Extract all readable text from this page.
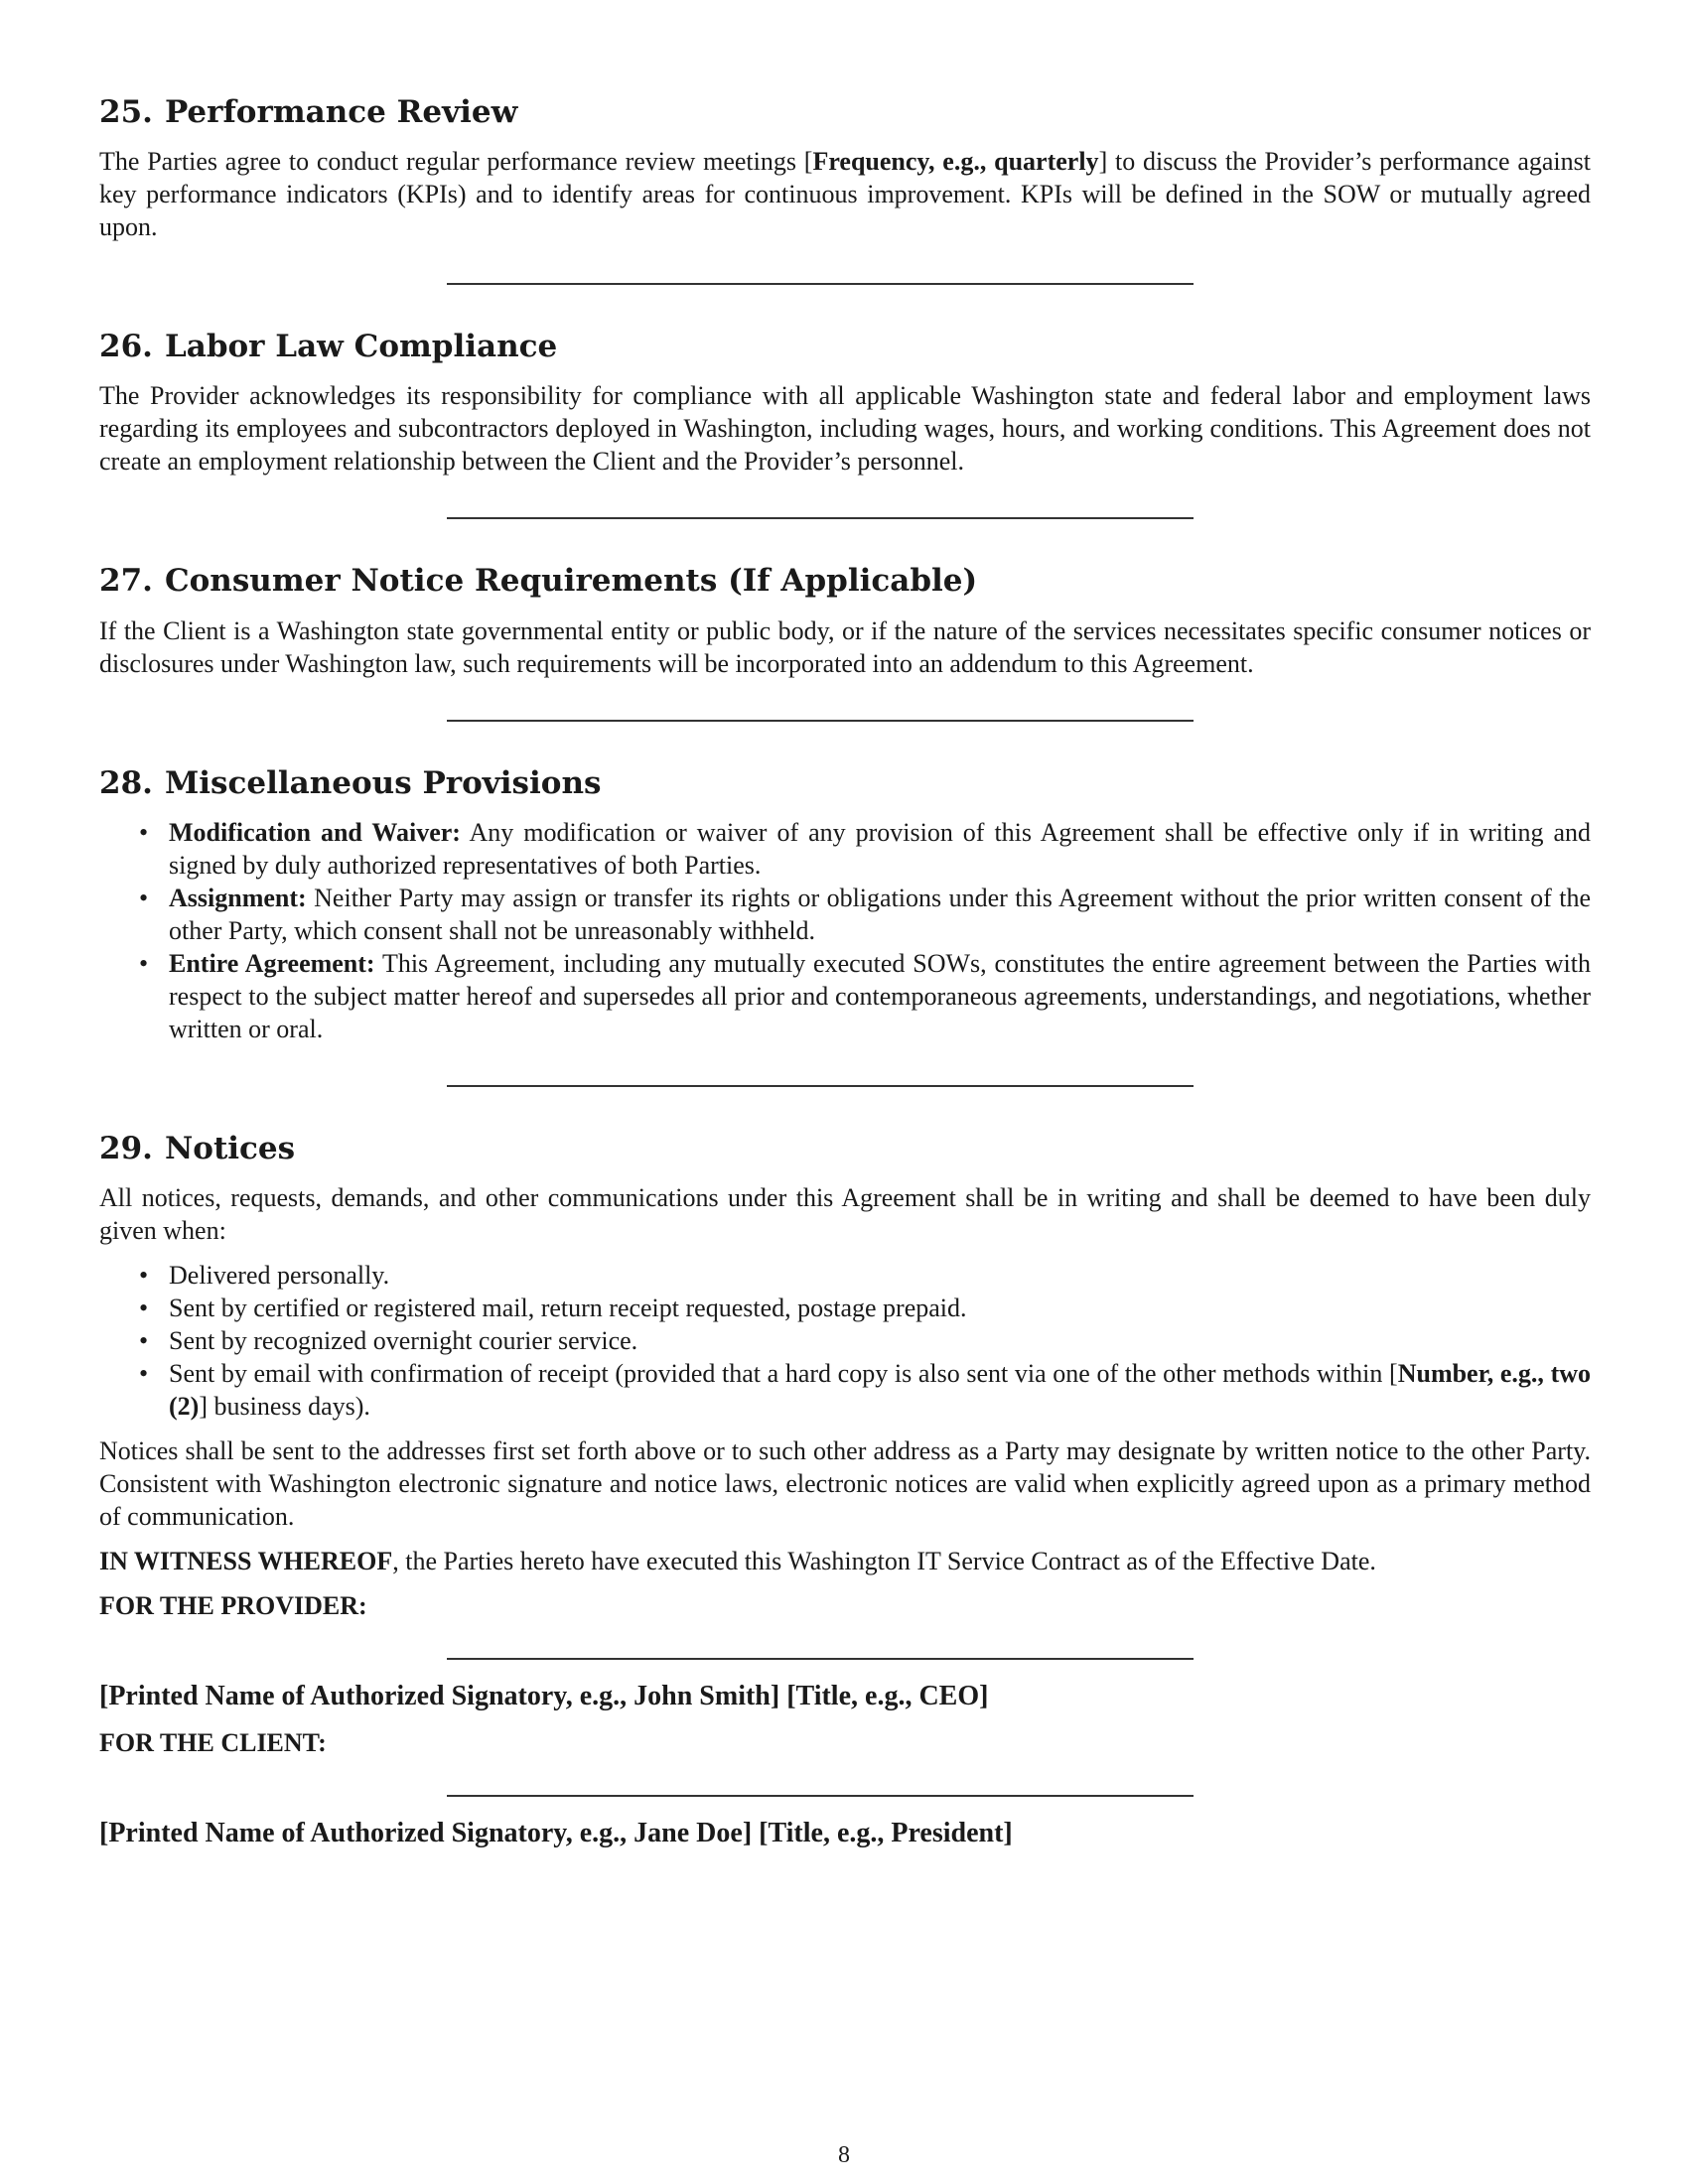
25. Performance Review

The Parties agree to conduct regular performance review meetings [Frequency, e.g., quarterly] to discuss the Provider’s performance against key performance indicators (KPIs) and to identify areas for continuous improvement. KPIs will be defined in the SOW or mutually agreed upon.

26. Labor Law Compliance

The Provider acknowledges its responsibility for compliance with all applicable Washington state and federal labor and employment laws regarding its employees and subcontractors deployed in Washington, including wages, hours, and working conditions. This Agreement does not create an employment relationship between the Client and the Provider’s personnel.

27. Consumer Notice Requirements (If Applicable)

If the Client is a Washington state governmental entity or public body, or if the nature of the services necessitates specific consumer notices or disclosures under Washington law, such requirements will be incorporated into an addendum to this Agreement.

28. Miscellaneous Provisions
• Modification and Waiver: Any modification or waiver of any provision of this Agreement shall be effective only if in writing and signed by duly authorized representatives of both Parties.
• Assignment: Neither Party may assign or transfer its rights or obligations under this Agreement without the prior written consent of the other Party, which consent shall not be unreasonably withheld.
• Entire Agreement: This Agreement, including any mutually executed SOWs, constitutes the entire agreement between the Parties with respect to the subject matter hereof and supersedes all prior and contemporaneous agreements, understandings, and negotiations, whether written or oral.
29. Notices

All notices, requests, demands, and other communications under this Agreement shall be in writing and shall be deemed to have been duly given when:

• Delivered personally.
• Sent by certified or registered mail, return receipt requested, postage prepaid.
• Sent by recognized overnight courier service.
• Sent by email with confirmation of receipt (provided that a hard copy is also sent via one of the other methods within [Number, e.g., two (2)] business days).

Notices shall be sent to the addresses first set forth above or to such other address as a Party may designate by written notice to the other Party. Consistent with Washington electronic signature and notice laws, electronic notices are valid when explicitly agreed upon as a primary method of communication.

IN WITNESS WHEREOF, the Parties hereto have executed this Washington IT Service Contract as of the Effective Date.

FOR THE PROVIDER:

[Printed Name of Authorized Signatory, e.g., John Smith] [Title, e.g., CEO]

FOR THE CLIENT:

[Printed Name of Authorized Signatory, e.g., Jane Doe] [Title, e.g., President]

8
